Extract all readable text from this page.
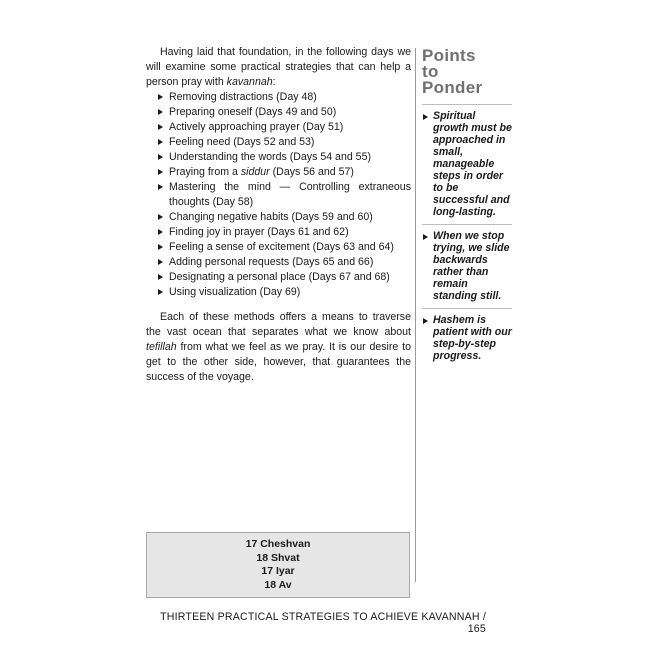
Having laid that foundation, in the following days we will examine some practical strategies that can help a person pray with kavannah:

Removing distractions (Day 48)
Preparing oneself (Days 49 and 50)
Actively approaching prayer (Day 51)
Feeling need (Days 52 and 53)
Understanding the words (Days 54 and 55)
Praying from a siddur (Days 56 and 57)
Mastering the mind — Controlling extraneous thoughts (Day 58)
Changing negative habits (Days 59 and 60)
Finding joy in prayer (Days 61 and 62)
Feeling a sense of excitement (Days 63 and 64)
Adding personal requests (Days 65 and 66)
Designating a personal place (Days 67 and 68)
Using visualization (Day 69)

Each of these methods offers a means to traverse the vast ocean that separates what we know about tefillah from what we feel as we pray. It is our desire to get to the other side, however, that guarantees the success of the voyage.

Points
to
Ponder
Spiritual growth must be approached in small, manageable steps in order to be successful and long-lasting.
When we stop trying, we slide backwards rather than remain standing still.
Hashem is patient with our step-by-step progress.
17 Cheshvan
18 Shvat
17 Iyar
18 Av
THIRTEEN PRACTICAL STRATEGIES TO ACHIEVE KAVANNAH / 165
